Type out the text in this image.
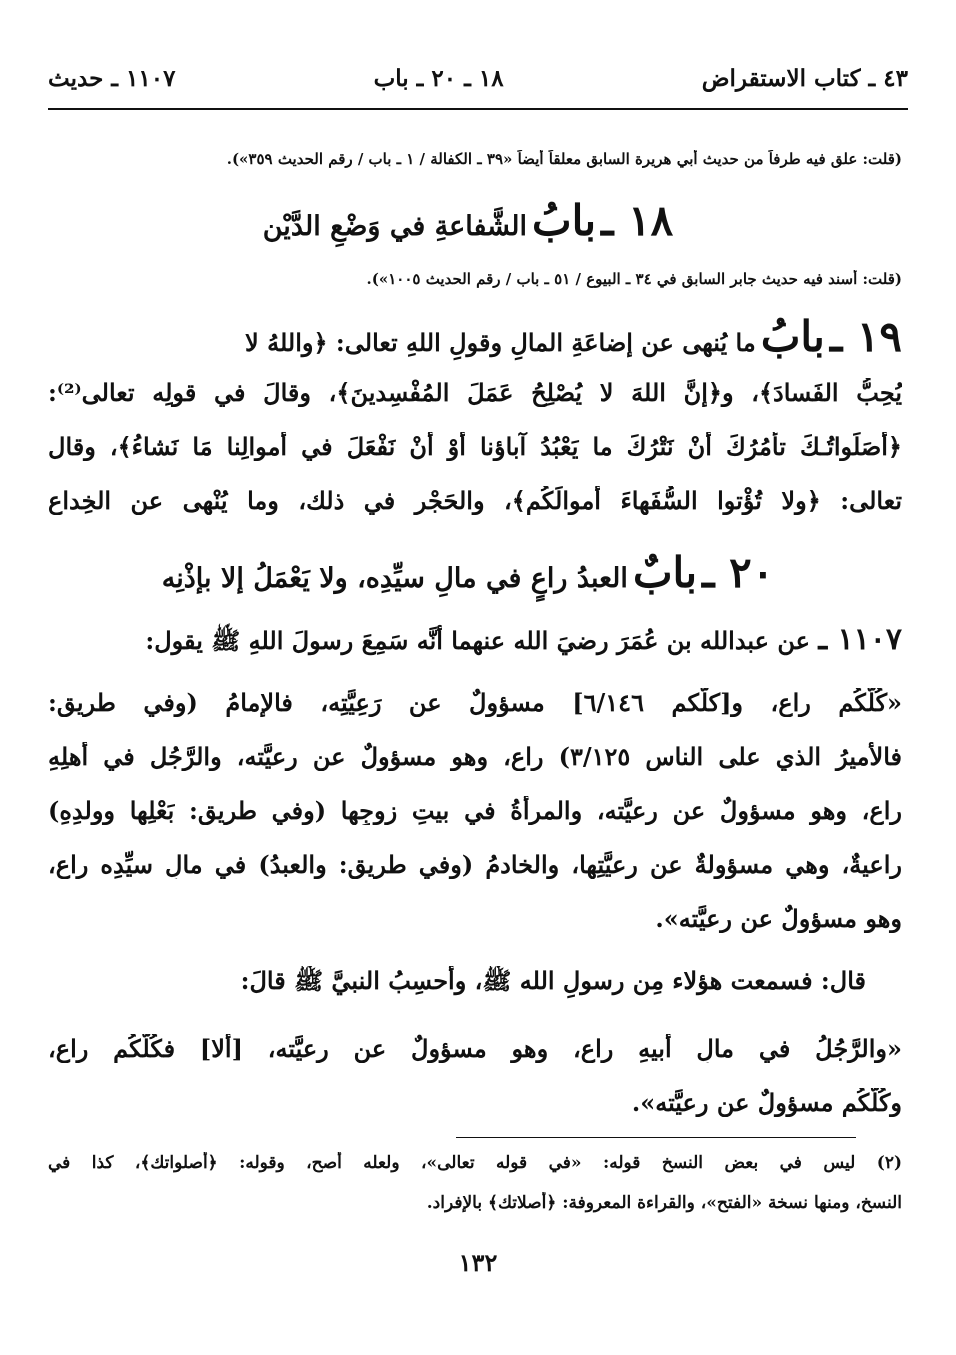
٤٣ ـ كتاب الاستقراض
١٨ ـ ٢٠ ـ باب
١١٠٧ ـ حديث
(قلت: علق فيه طرفاً من حديث أبي هريرة السابق معلقاً أيضاً «٣٩ ـ الكفالة / ١ ـ باب / رقم الحديث ٣٥٩»).
١٨ ـ بابُ الشَّفاعةِ في وَضْعِ الدَّيْن
(قلت: أسند فيه حديث جابر السابق في ٣٤ ـ البيوع / ٥١ ـ باب / رقم الحديث ١٠٠٥»).
١٩ ـ بابُ ما يُنهى عن إضاعَةِ المالِ وقولِ اللهِ تعالى: ﴿واللهُ لا
يُحِبُّ الفَسادَ﴾، و﴿إنَّ اللهَ لا يُصْلِحُ عَمَلَ المُفْسِدينَ﴾، وقالَ في قولِه تعالى⁽²⁾:
﴿أصَلَواتُـكَ تأمُرُكَ أنْ نَتْرُكَ ما يَعْبُدُ آباؤنا أوْ أنْ نَفْعَلَ في أموالِنا مَا نَشاءُ﴾، وقال
تعالى: ﴿ولا تُؤْتوا السُّفَهاءَ أموالَكُم﴾، والحَجْرِ في ذلك، وما يُنْهى عن الخِداعِ
٢٠ ـ بابٌ العبدُ راعٍ في مالِ سيِّدِه، ولا يَعْمَلُ إلا بإذْنِه
١١٠٧ ـ عن عبدالله بن عُمَرَ رضيَ الله عنهما أنَّه سَمِعَ رسولَ اللهِ ﷺ يقول:
«كُلُّكُم راعٍ، و[كلُّكم ٦/١٤٦] مسؤولٌ عن رَعِيَّتِه، فالإمامُ (وفي طريق:
فالأميرُ الذي على الناسِ ٣/١٢٥) راعٍ، وهو مسؤولٌ عن رعيَّته، والرَّجُل في أهلِهِ
راعٍ، وهو مسؤولٌ عن رعيَّته، والمرأةُ في بيتِ زوجِها (وفي طريق: بَعْلِها وولدِهِ)
راعيةٌ، وهي مسؤولةٌ عن رعيَّتِها، والخادمُ (وفي طريق: والعبدُ) في مالِ سيِّدِه راعٍ،
وهو مسؤولٌ عن رعيَّته».
قال: فسمعت هؤلاء مِن رسولِ الله ﷺ، وأحسِبُ النبيَّ ﷺ قالَ:
«والرَّجُلُ في مالِ أبيهِ راعٍ، وهو مسؤولٌ عن رعيَّته، [ألا] فكُلُّكُم راعٍ،
وكُلُّكُم مسؤولٌ عن رعيَّته».
(٢) ليس في بعض النسخ قوله: «في قوله تعالى»، ولعله أصح، وقوله: ﴿أصلواتك﴾، كذا في
النسخ، ومنها نسخة «الفتح»، والقراءة المعروفة: ﴿أصلاتك﴾ بالإفراد.
١٣٢
